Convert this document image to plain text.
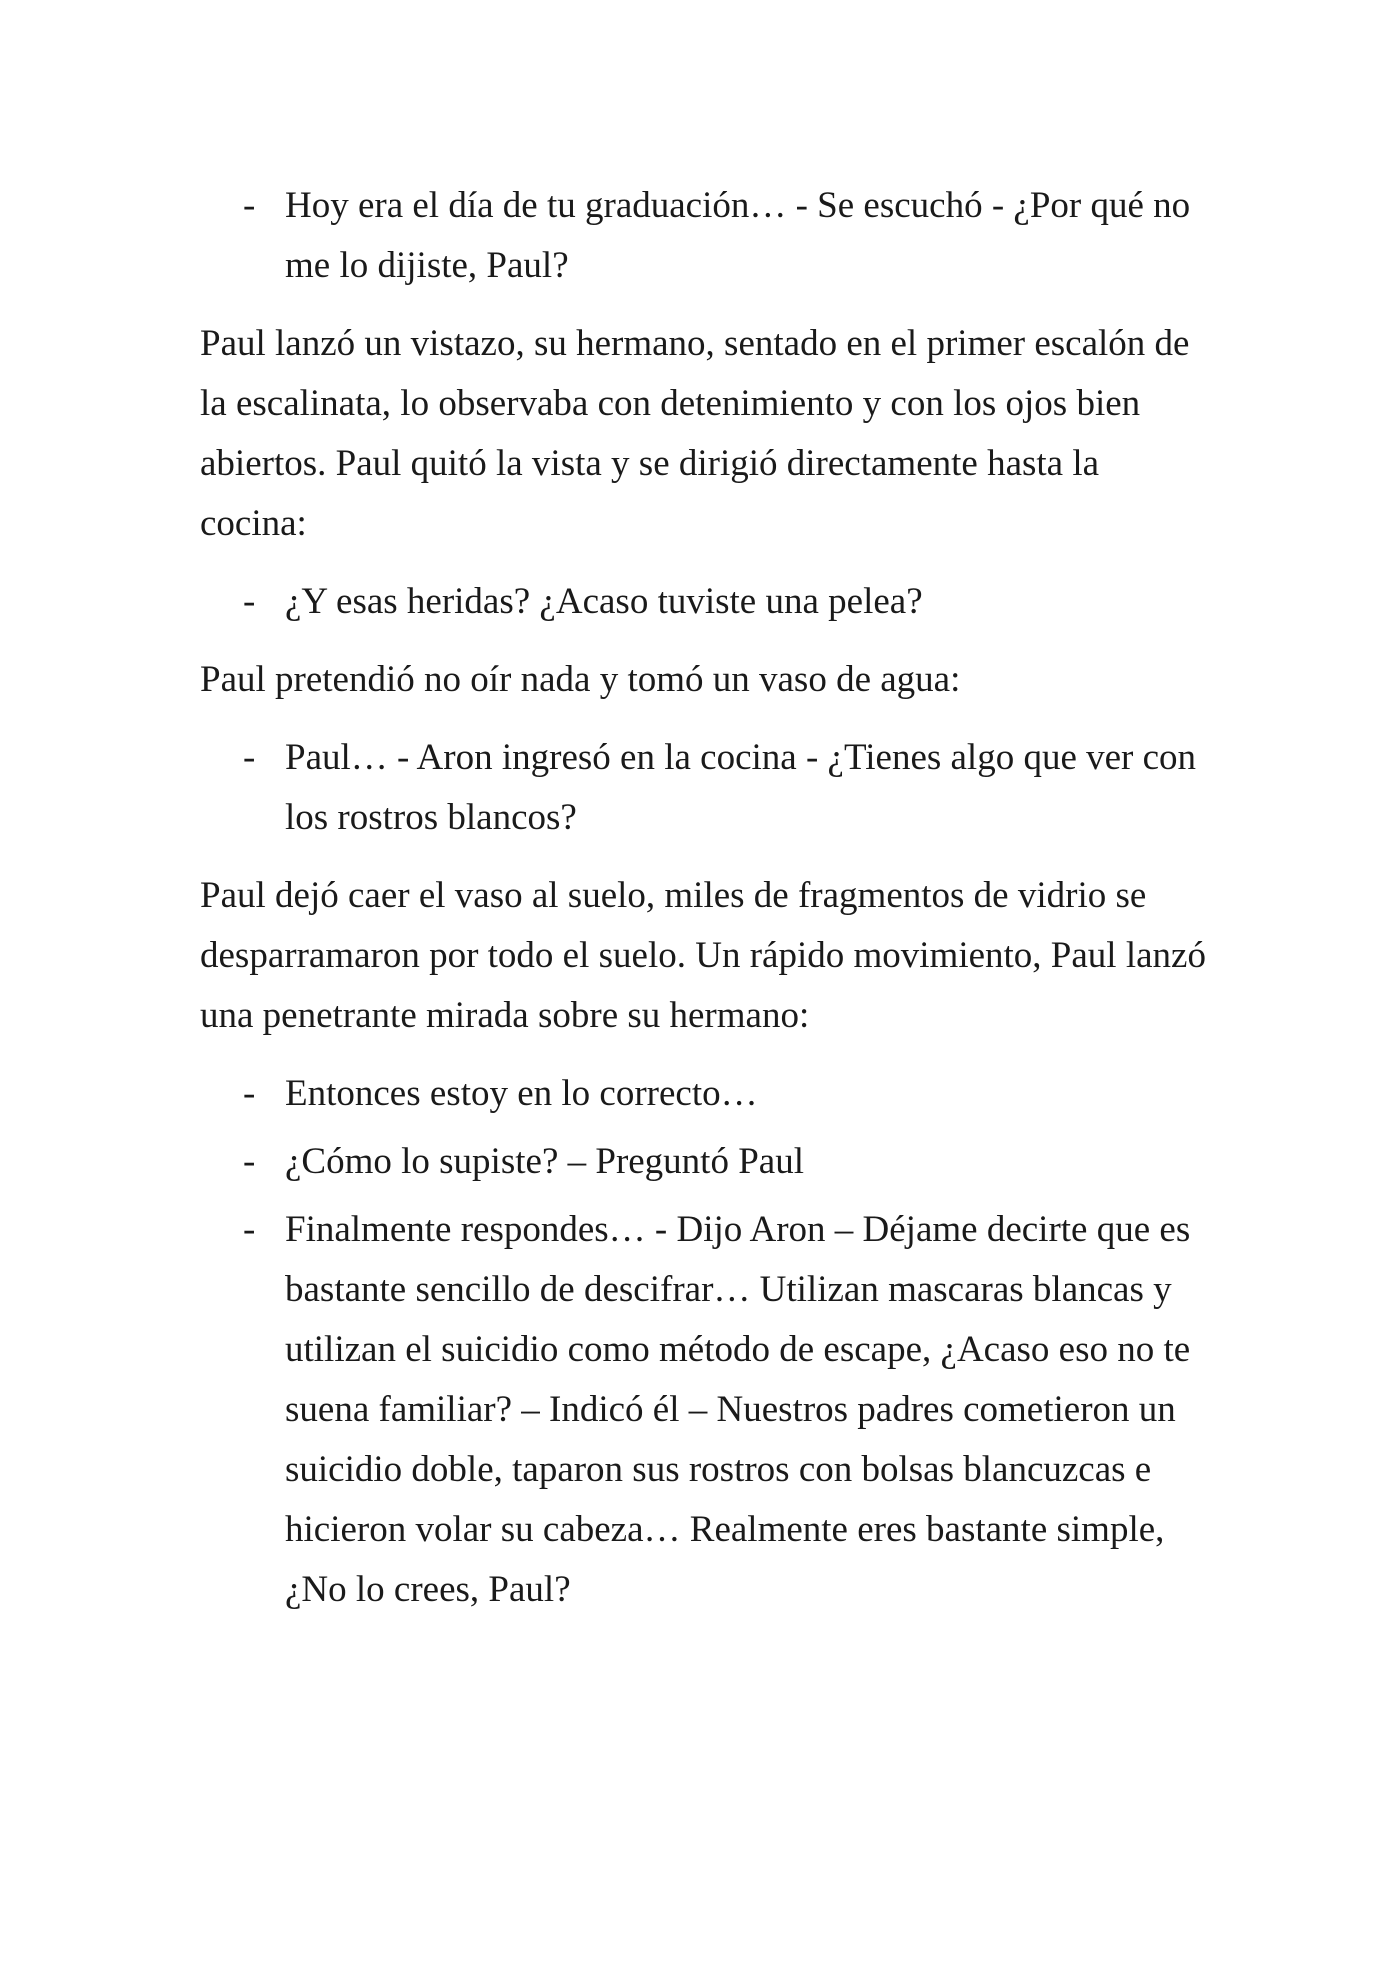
- Hoy era el día de tu graduación… - Se escuchó - ¿Por qué no me lo dijiste, Paul?

Paul lanzó un vistazo, su hermano, sentado en el primer escalón de la escalinata, lo observaba con detenimiento y con los ojos bien abiertos. Paul quitó la vista y se dirigió directamente hasta la cocina:

- ¿Y esas heridas? ¿Acaso tuviste una pelea?

Paul pretendió no oír nada y tomó un vaso de agua:

- Paul… - Aron ingresó en la cocina - ¿Tienes algo que ver con los rostros blancos?

Paul dejó caer el vaso al suelo, miles de fragmentos de vidrio se desparramaron por todo el suelo. Un rápido movimiento, Paul lanzó una penetrante mirada sobre su hermano:

- Entonces estoy en lo correcto…
- ¿Cómo lo supiste? – Preguntó Paul
- Finalmente respondes… - Dijo Aron – Déjame decirte que es bastante sencillo de descifrar… Utilizan mascaras blancas y utilizan el suicidio como método de escape, ¿Acaso eso no te suena familiar? – Indicó él – Nuestros padres cometieron un suicidio doble, taparon sus rostros con bolsas blancuzcas e hicieron volar su cabeza… Realmente eres bastante simple, ¿No lo crees, Paul?
